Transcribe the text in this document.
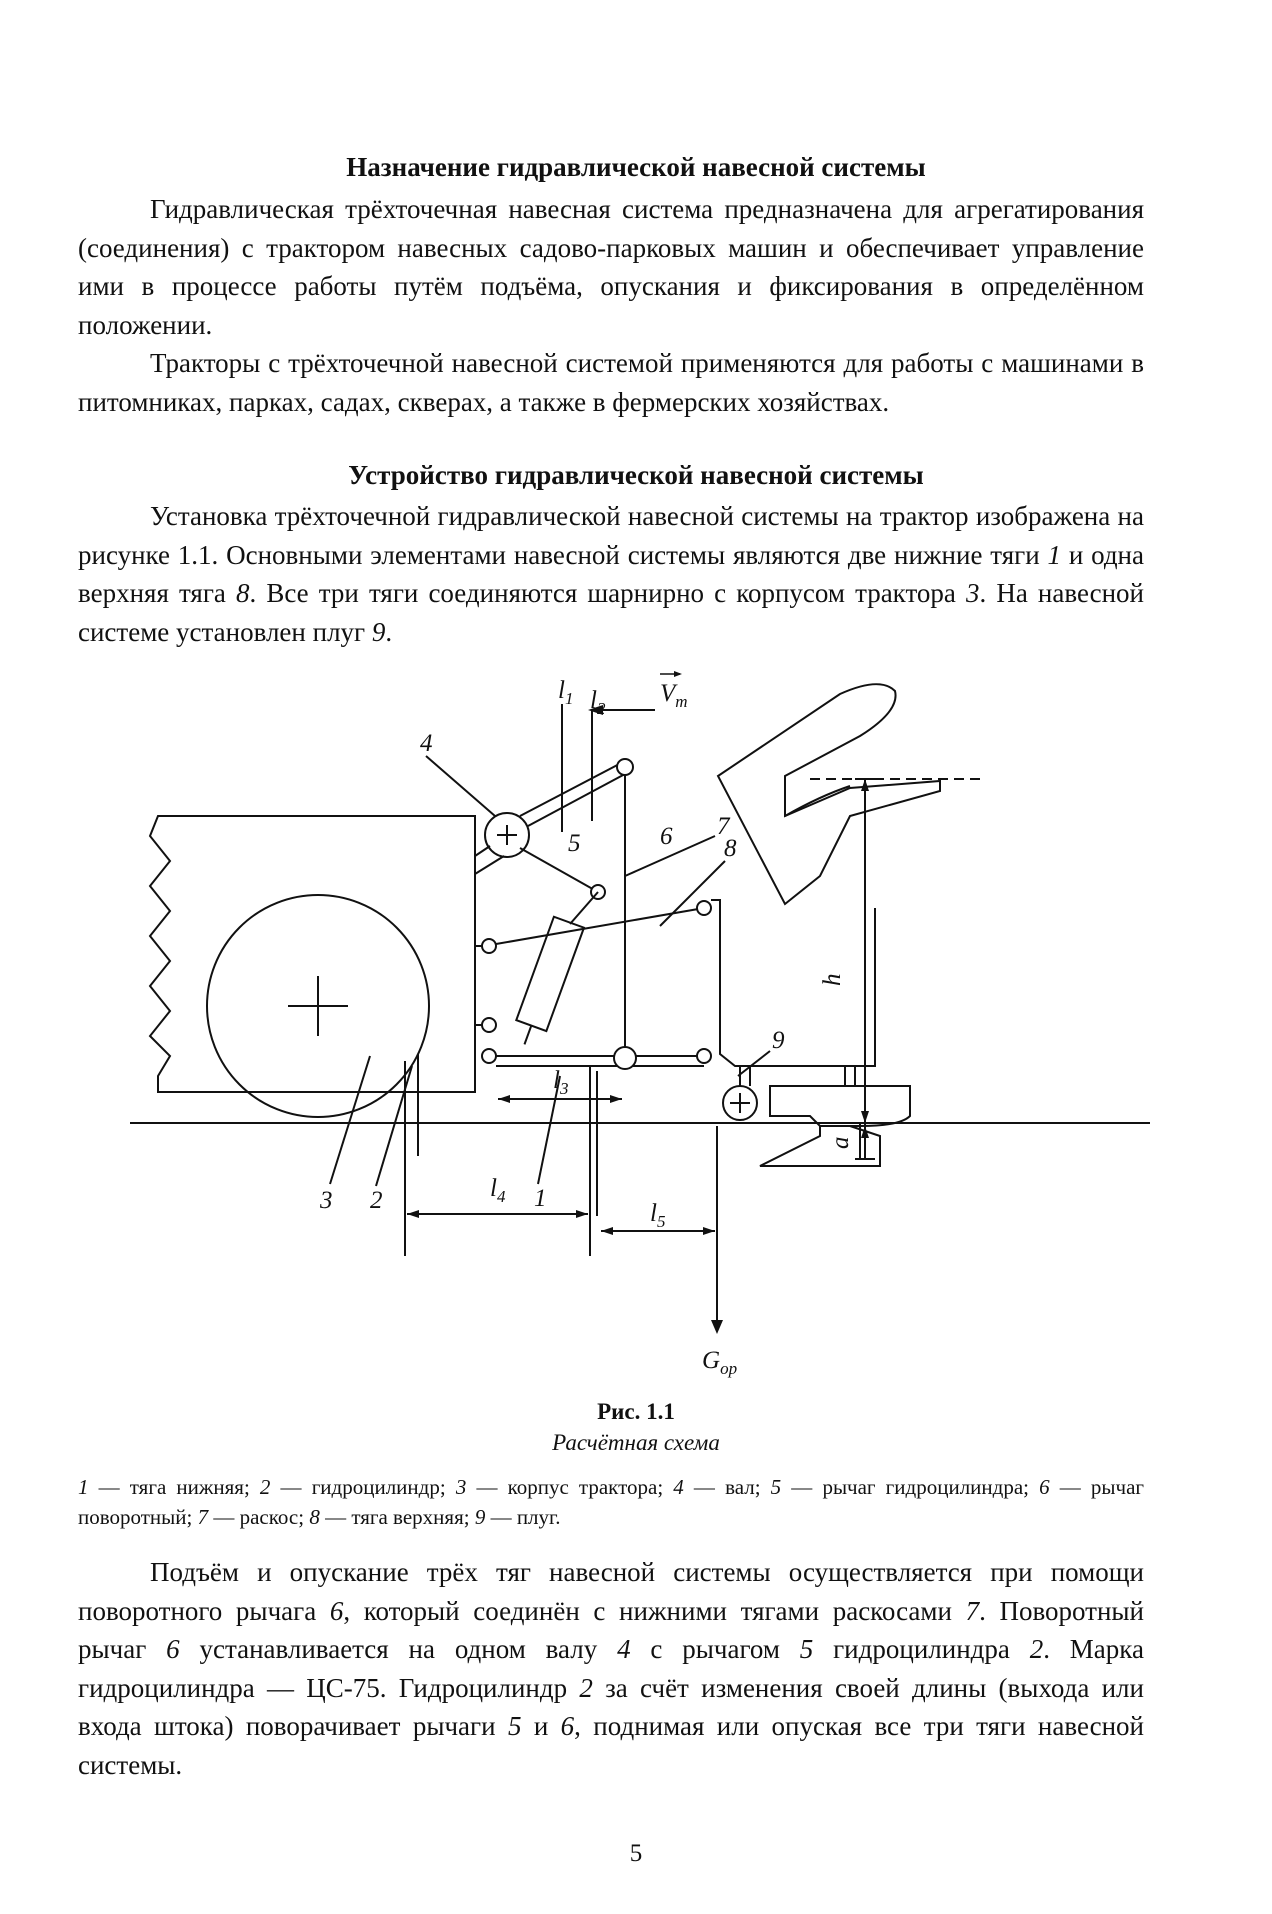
Назначение гидравлической навесной системы

Гидравлическая трёхточечная навесная система предназначена для агрегатирования (соединения) с трактором навесных садово-парковых машин и обеспечивает управление ими в процессе работы путём подъёма, опускания и фиксирования в определённом положении.

Тракторы с трёхточечной навесной системой применяются для работы с машинами в питомниках, парках, садах, скверах, а также в фермерских хозяйствах.

Устройство гидравлической навесной системы

Установка трёхточечной гидравлической навесной системы на трактор изображена на рисунке 1.1. Основными элементами навесной системы являются две нижние тяги 1 и одна верхняя тяга 8. Все три тяги соединяются шарнирно с корпусом трактора 3. На навесной системе установлен плуг 9.

4
5	6 7
8
9
3 2	1
$l_1$ $l_2$
$l_3$
$l_4$
$l_5$
h
a
$V_т$
$G_{ор}$
Рис. 1.1
Расчётная схема

1 — тяга нижняя; 2 — гидроцилиндр; 3 — корпус трактора; 4 — вал; 5 — рычаг гидроцилиндра; 6 — рычаг поворотный; 7 — раскос; 8 — тяга верхняя; 9 — плуг.

Подъём и опускание трёх тяг навесной системы осуществляется при помощи поворотного рычага 6, который соединён с нижними тягами раскосами 7. Поворотный рычаг 6 устанавливается на одном валу 4 с рычагом 5 гидроцилиндра 2. Марка гидроцилиндра — ЦС-75. Гидроцилиндр 2 за счёт изменения своей длины (выхода или входа штока) поворачивает рычаги 5 и 6, поднимая или опуская все три тяги навесной системы.

5
